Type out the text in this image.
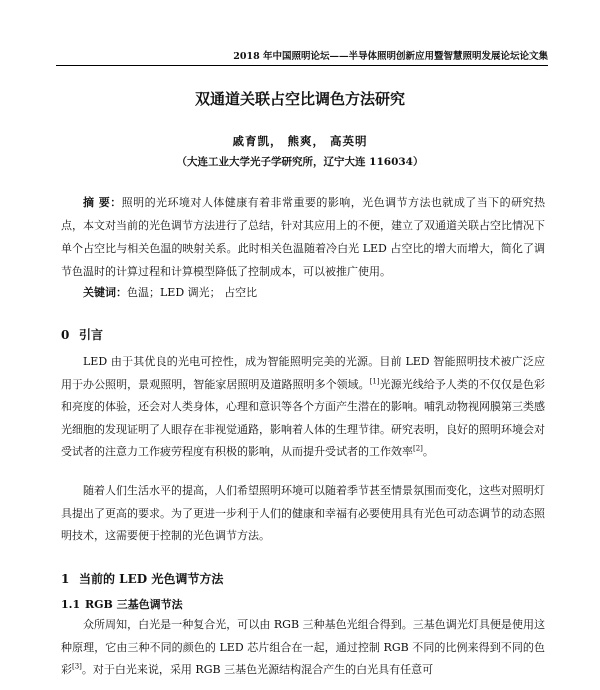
2018 年中国照明论坛——半导体照明创新应用暨智慧照明发展论坛论文集
双通道关联占空比调色方法研究
戚育凯， 熊爽， 高英明
（大连工业大学光子学研究所，辽宁大连 116034）

摘 要：照明的光环境对人体健康有着非常重要的影响，光色调节方法也就成了当下的研究热点，本文对当前的光色调节方法进行了总结，针对其应用上的不便，建立了双通道关联占空比情况下单个占空比与相关色温的映射关系。此时相关色温随着冷白光 LED 占空比的增大而增大，简化了调节色温时的计算过程和计算模型降低了控制成本，可以被推广使用。

关键词：色温；LED 调光； 占空比
0 引言

LED 由于其优良的光电可控性，成为智能照明完美的光源。目前 LED 智能照明技术被广泛应用于办公照明，景观照明，智能家居照明及道路照明多个领域。[1]光源光线给予人类的不仅仅是色彩和亮度的体验，还会对人类身体，心理和意识等各个方面产生潜在的影响。哺乳动物视网膜第三类感光细胞的发现证明了人眼存在非视觉通路，影响着人体的生理节律。研究表明，良好的照明环境会对受试者的注意力工作疲劳程度有积极的影响，从而提升受试者的工作效率[2]。

随着人们生活水平的提高，人们希望照明环境可以随着季节甚至情景氛围而变化，这些对照明灯具提出了更高的要求。为了更进一步利于人们的健康和幸福有必要使用具有光色可动态调节的动态照明技术，这需要便于控制的光色调节方法。

1 当前的 LED 光色调节方法
1.1 RGB 三基色调节法

众所周知，白光是一种复合光，可以由 RGB 三种基色光组合得到。三基色调光灯具便是使用这种原理，它由三种不同的颜色的 LED 芯片组合在一起，通过控制 RGB 不同的比例来得到不同的色彩[3]。对于白光来说，采用 RGB 三基色光源结构混合产生的白光具有任意可
